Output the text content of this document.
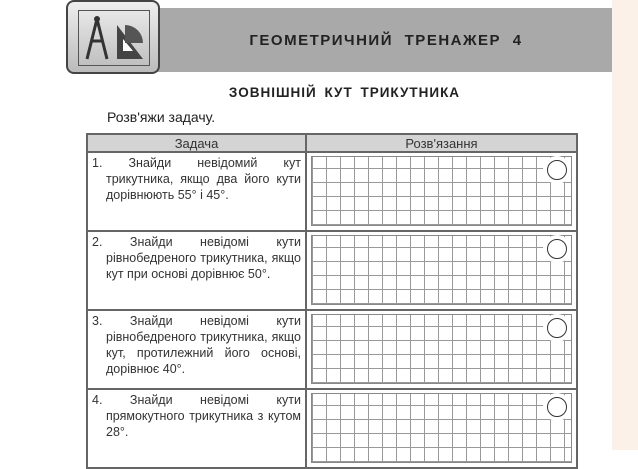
ГЕОМЕТРИЧНИЙ ТРЕНАЖЕР 4
ЗОВНІШНІЙ КУТ ТРИКУТНИКА
Розв'яжи задачу.
Задача	Розв'язання

1. Знайди невідомий кут трикутника, якщо два його кути дорівнюють 55° і 45°.	

2. Знайди невідомі кути рівнобедреного трикутника, якщо кут при основі дорівнює 50°.	

3. Знайди невідомі кути рівнобедреного трикутника, якщо кут, протилежний його основі, дорівнює 40°.	

4. Знайди невідомі кути прямокутного трикутника з кутом 28°.	
